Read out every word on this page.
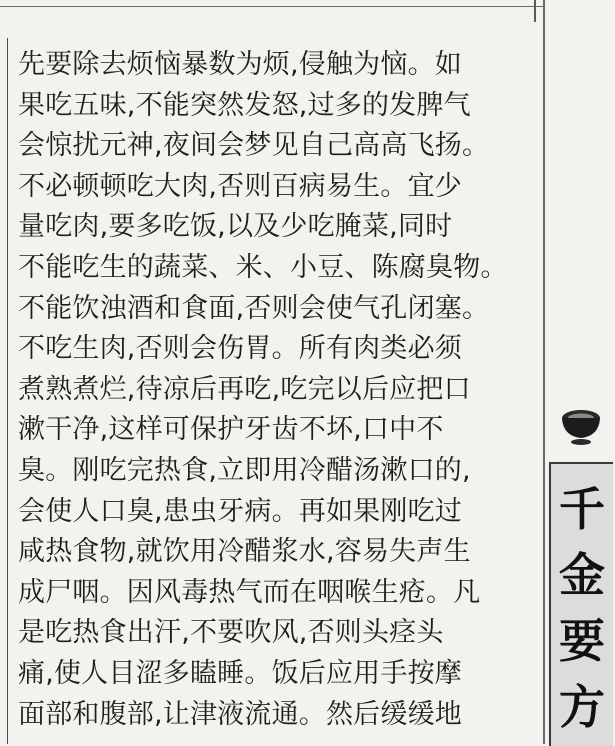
先要除去烦恼暴数为烦,侵触为恼。如
果吃五味,不能突然发怒,过多的发脾气
会惊扰元神,夜间会梦见自己高高飞扬。
不必顿顿吃大肉,否则百病易生。宜少
量吃肉,要多吃饭,以及少吃腌菜,同时
不能吃生的蔬菜、米、小豆、陈腐臭物。
不能饮浊酒和食面,否则会使气孔闭塞。
不吃生肉,否则会伤胃。所有肉类必须
煮熟煮烂,待凉后再吃,吃完以后应把口
漱干净,这样可保护牙齿不坏,口中不
臭。刚吃完热食,立即用冷醋汤漱口的,
会使人口臭,患虫牙病。再如果刚吃过
咸热食物,就饮用冷醋浆水,容易失声生
成尸咽。因风毒热气而在咽喉生疮。凡
是吃热食出汗,不要吹风,否则头痉头
痛,使人目涩多瞌睡。饭后应用手按摩
面部和腹部,让津液流通。然后缓缓地
千
金
要
方
